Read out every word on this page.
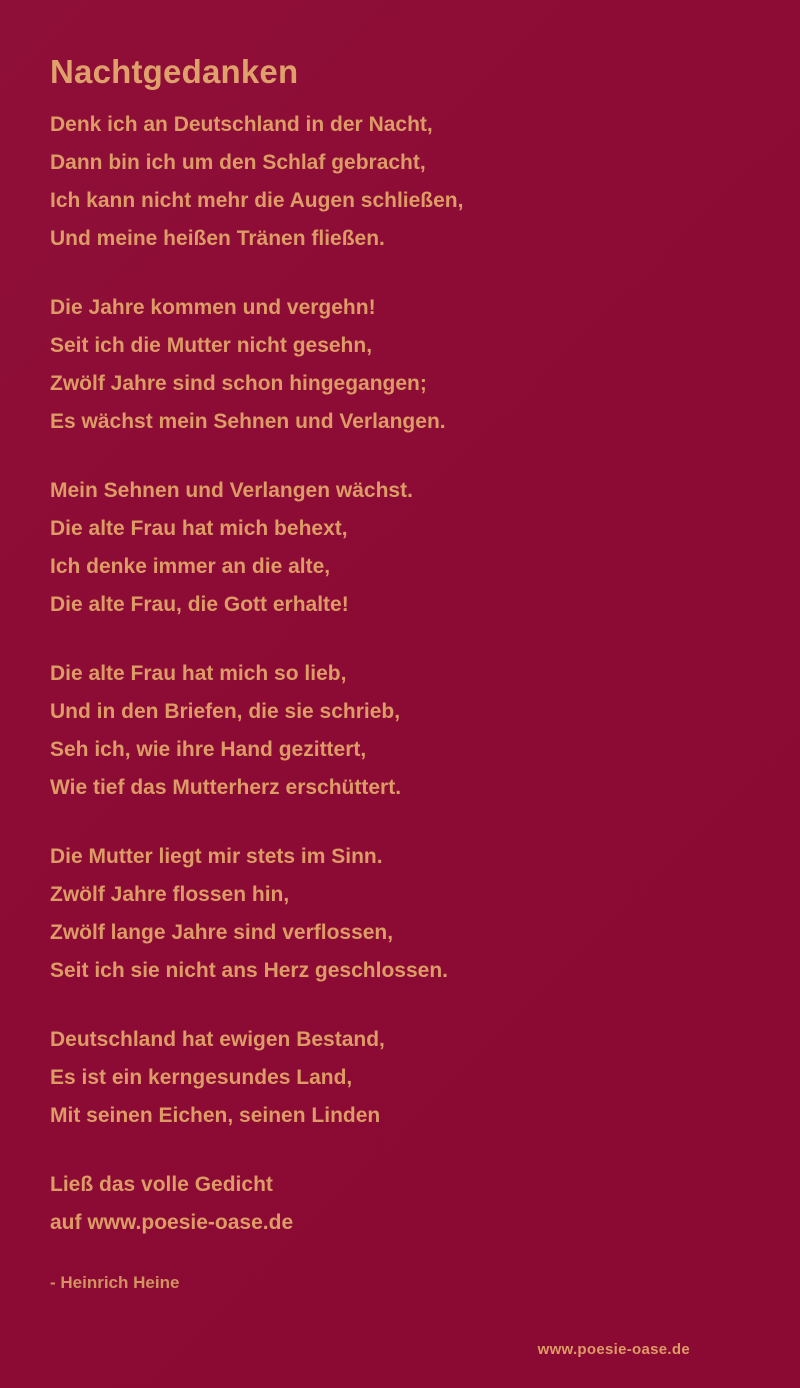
Nachtgedanken
Denk ich an Deutschland in der Nacht,
Dann bin ich um den Schlaf gebracht,
Ich kann nicht mehr die Augen schließen,
Und meine heißen Tränen fließen.
Die Jahre kommen und vergehn!
Seit ich die Mutter nicht gesehn,
Zwölf Jahre sind schon hingegangen;
Es wächst mein Sehnen und Verlangen.
Mein Sehnen und Verlangen wächst.
Die alte Frau hat mich behext,
Ich denke immer an die alte,
Die alte Frau, die Gott erhalte!
Die alte Frau hat mich so lieb,
Und in den Briefen, die sie schrieb,
Seh ich, wie ihre Hand gezittert,
Wie tief das Mutterherz erschüttert.
Die Mutter liegt mir stets im Sinn.
Zwölf Jahre flossen hin,
Zwölf lange Jahre sind verflossen,
Seit ich sie nicht ans Herz geschlossen.
Deutschland hat ewigen Bestand,
Es ist ein kerngesundes Land,
Mit seinen Eichen, seinen Linden
Ließ das volle Gedicht
auf www.poesie-oase.de
- Heinrich Heine
www.poesie-oase.de
